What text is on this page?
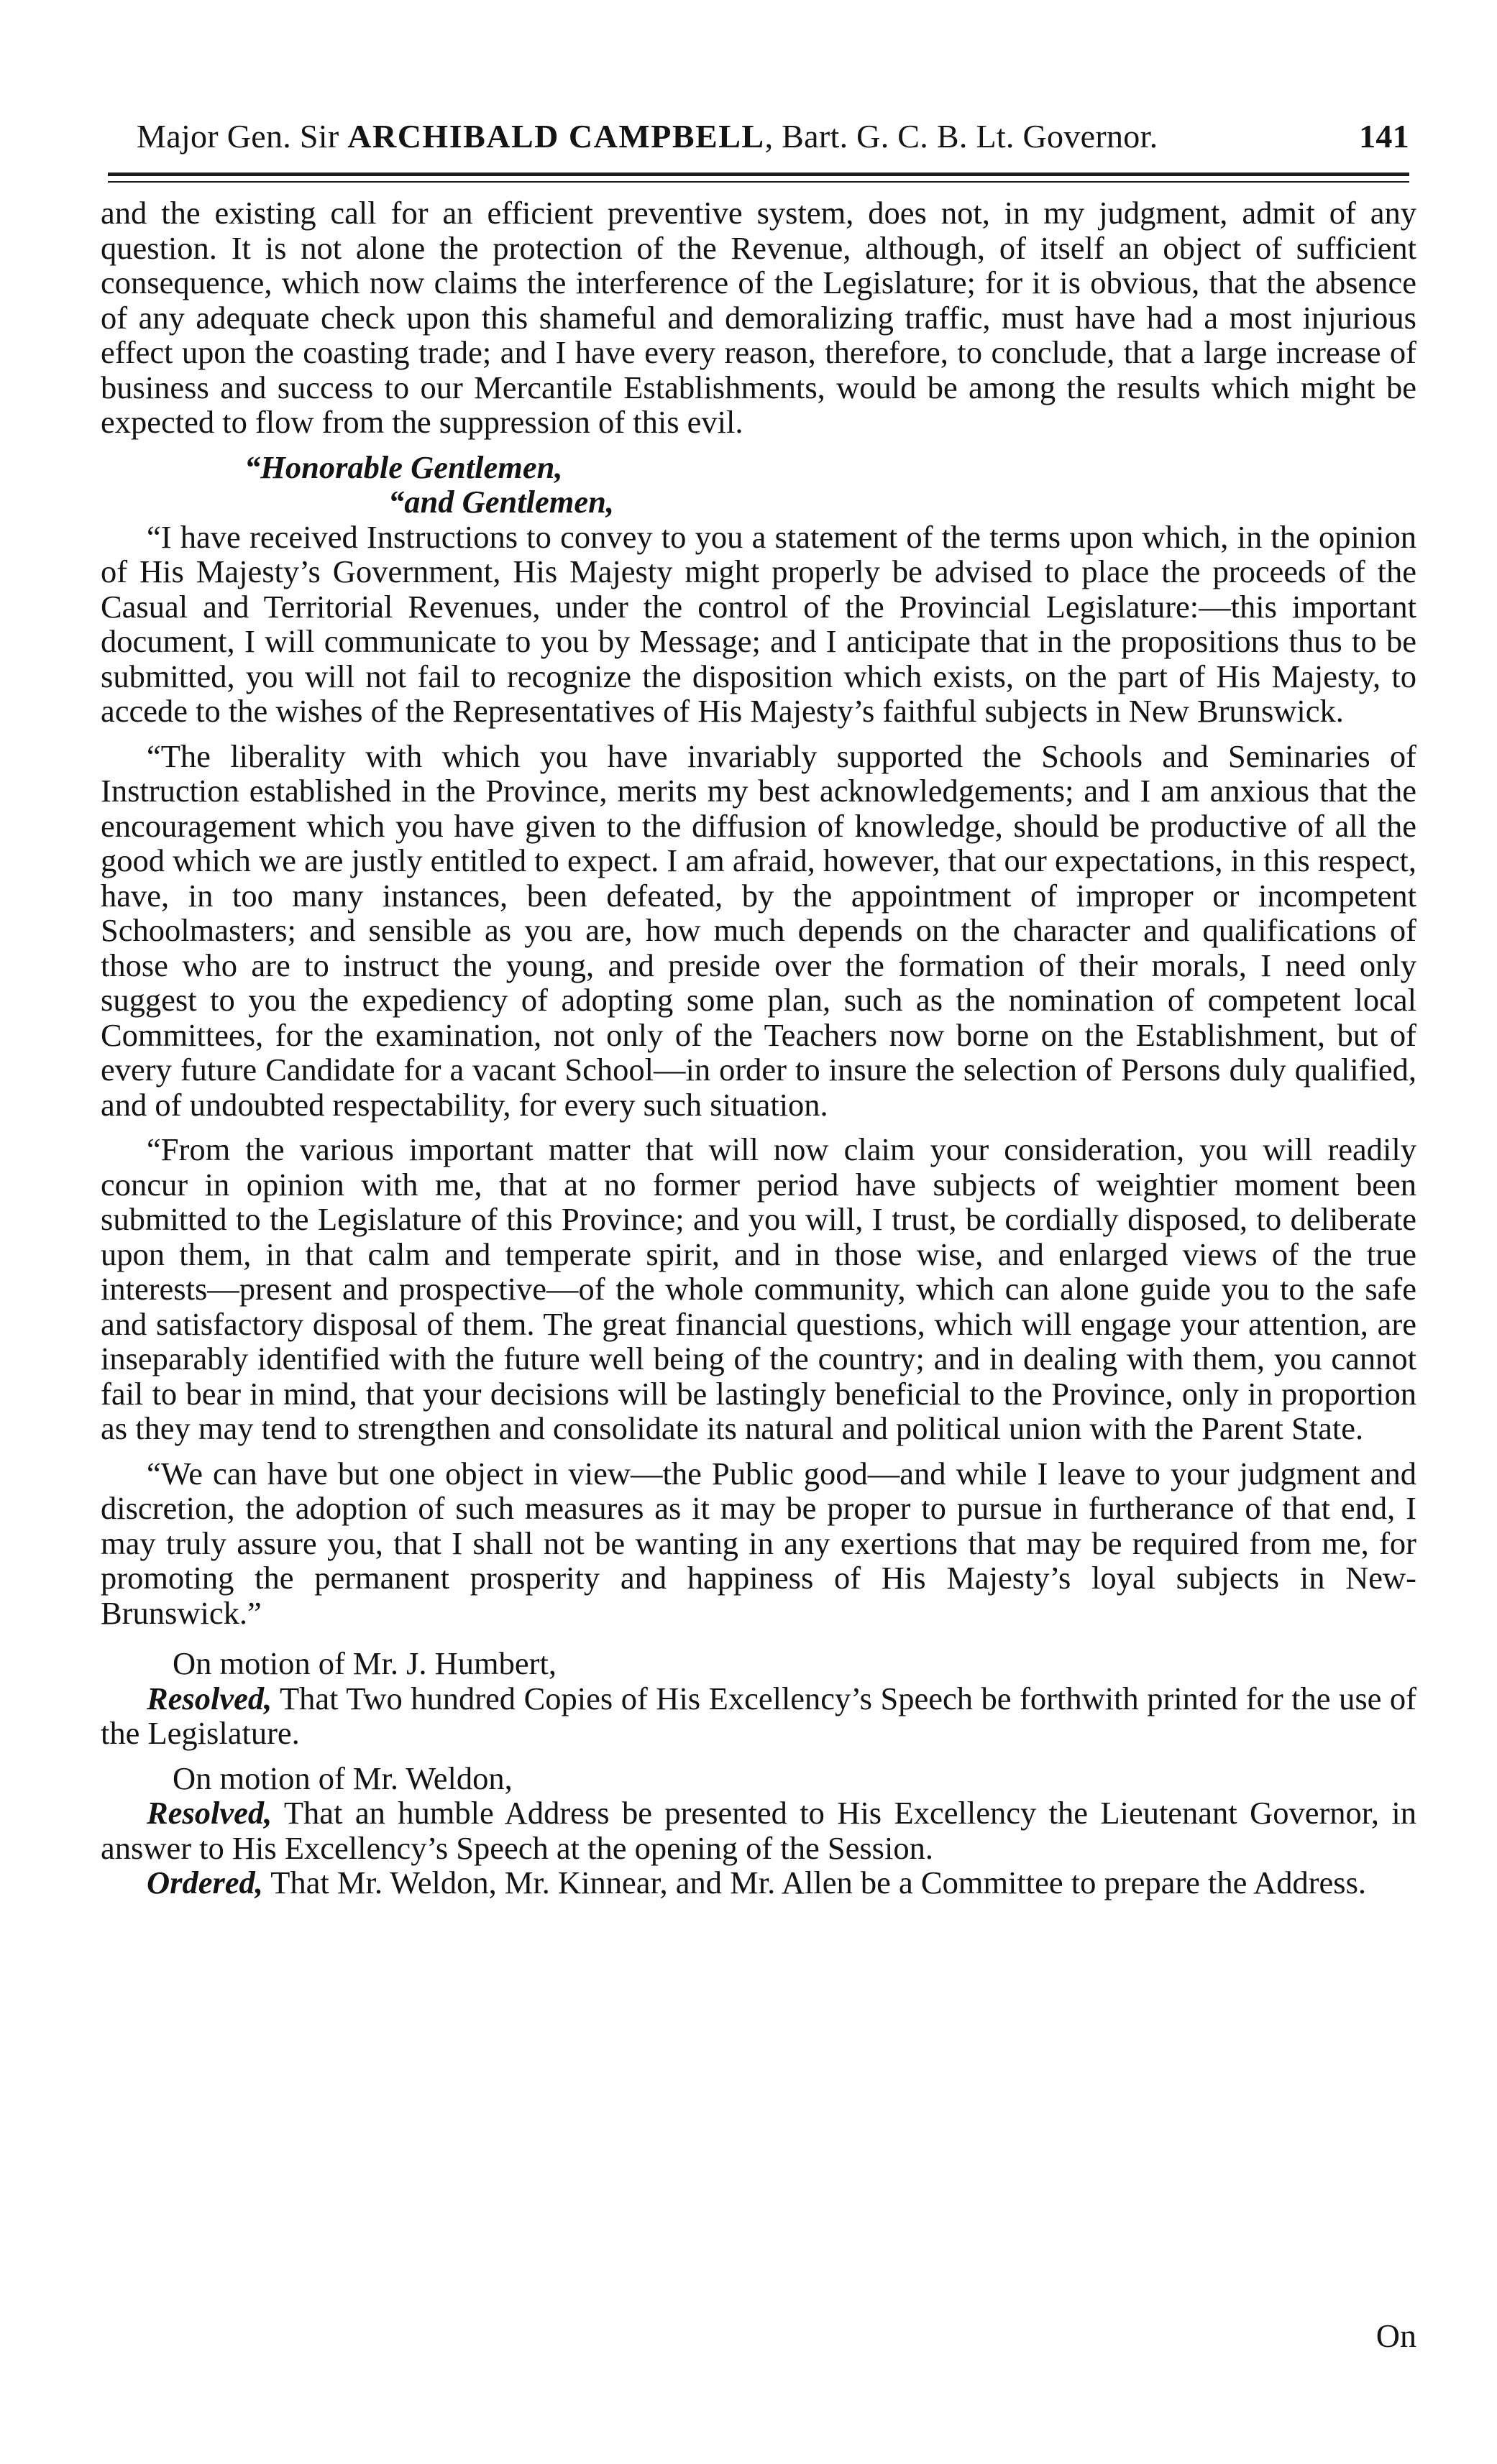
Major Gen. Sir ARCHIBALD CAMPBELL, Bart. G. C. B. Lt. Governor.	141

and the existing call for an efficient preventive system, does not, in my judgment, admit of any question. It is not alone the protection of the Revenue, although, of itself an object of sufficient consequence, which now claims the interference of the Legislature; for it is obvious, that the absence of any adequate check upon this shameful and demoralizing traffic, must have had a most injurious effect upon the coasting trade; and I have every reason, therefore, to conclude, that a large increase of business and success to our Mercantile Establishments, would be among the results which might be expected to flow from the suppression of this evil.

“Honorable Gentlemen,

“and Gentlemen,

“I have received Instructions to convey to you a statement of the terms upon which, in the opinion of His Majesty’s Government, His Majesty might properly be advised to place the proceeds of the Casual and Territorial Revenues, under the control of the Provincial Legislature:—this important document, I will communicate to you by Message; and I anticipate that in the propositions thus to be submitted, you will not fail to recognize the disposition which exists, on the part of His Majesty, to accede to the wishes of the Representatives of His Majesty’s faithful subjects in New Brunswick.

“The liberality with which you have invariably supported the Schools and Seminaries of Instruction established in the Province, merits my best acknowledgements; and I am anxious that the encouragement which you have given to the diffusion of knowledge, should be productive of all the good which we are justly entitled to expect. I am afraid, however, that our expectations, in this respect, have, in too many instances, been defeated, by the appointment of improper or incompetent Schoolmasters; and sensible as you are, how much depends on the character and qualifications of those who are to instruct the young, and preside over the formation of their morals, I need only suggest to you the expediency of adopting some plan, such as the nomination of competent local Committees, for the examination, not only of the Teachers now borne on the Establishment, but of every future Candidate for a vacant School—in order to insure the selection of Persons duly qualified, and of undoubted respectability, for every such situation.

“From the various important matter that will now claim your consideration, you will readily concur in opinion with me, that at no former period have subjects of weightier moment been submitted to the Legislature of this Province; and you will, I trust, be cordially disposed, to deliberate upon them, in that calm and temperate spirit, and in those wise, and enlarged views of the true interests—present and prospective—of the whole community, which can alone guide you to the safe and satisfactory disposal of them. The great financial questions, which will engage your attention, are inseparably identified with the future well being of the country; and in dealing with them, you cannot fail to bear in mind, that your decisions will be lastingly beneficial to the Province, only in proportion as they may tend to strengthen and consolidate its natural and political union with the Parent State.

“We can have but one object in view—the Public good—and while I leave to your judgment and discretion, the adoption of such measures as it may be proper to pursue in furtherance of that end, I may truly assure you, that I shall not be wanting in any exertions that may be required from me, for promoting the permanent prosperity and happiness of His Majesty’s loyal subjects in New-Brunswick.”

On motion of Mr. J. Humbert,

Resolved, That Two hundred Copies of His Excellency’s Speech be forthwith printed for the use of the Legislature.

On motion of Mr. Weldon,

Resolved, That an humble Address be presented to His Excellency the Lieutenant Governor, in answer to His Excellency’s Speech at the opening of the Session.

Ordered, That Mr. Weldon, Mr. Kinnear, and Mr. Allen be a Committee to prepare the Address.

On
